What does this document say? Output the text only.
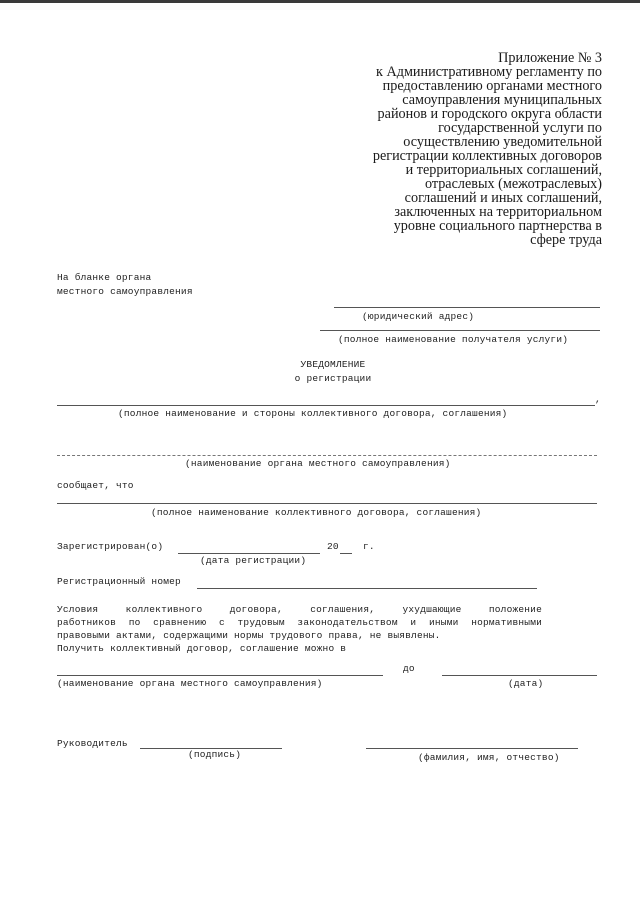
Приложение № 3
к Административному регламенту по
предоставлению органами местного
самоуправления муниципальных
районов и городского округа области
государственной услуги по
осуществлению уведомительной
регистрации коллективных договоров
и территориальных соглашений,
отраслевых (межотраслевых)
соглашений и иных соглашений,
заключенных на территориальном
уровне социального партнерства в
сфере труда
На бланке органа
местного самоуправления
(юридический адрес)
(полное наименование получателя услуги)
УВЕДОМЛЕНИЕ
о регистрации
,
(полное наименование и стороны коллективного договора, соглашения)
(наименование органа местного самоуправления)
сообщает, что
(полное наименование коллективного договора, соглашения)
Зарегистрирован(о)	20	г.
(дата регистрации)
Регистрационный номер
Условия	коллективного	договора,	соглашения,	ухудшающие	положение
работников по сравнению с трудовым законодательством и иными нормативными
правовыми актами, содержащими нормы трудового права, не выявлены.
Получить коллективный договор, соглашение можно в
до
(наименование органа местного самоуправления)	(дата)
Руководитель
(подпись)	(фамилия, имя, отчество)
